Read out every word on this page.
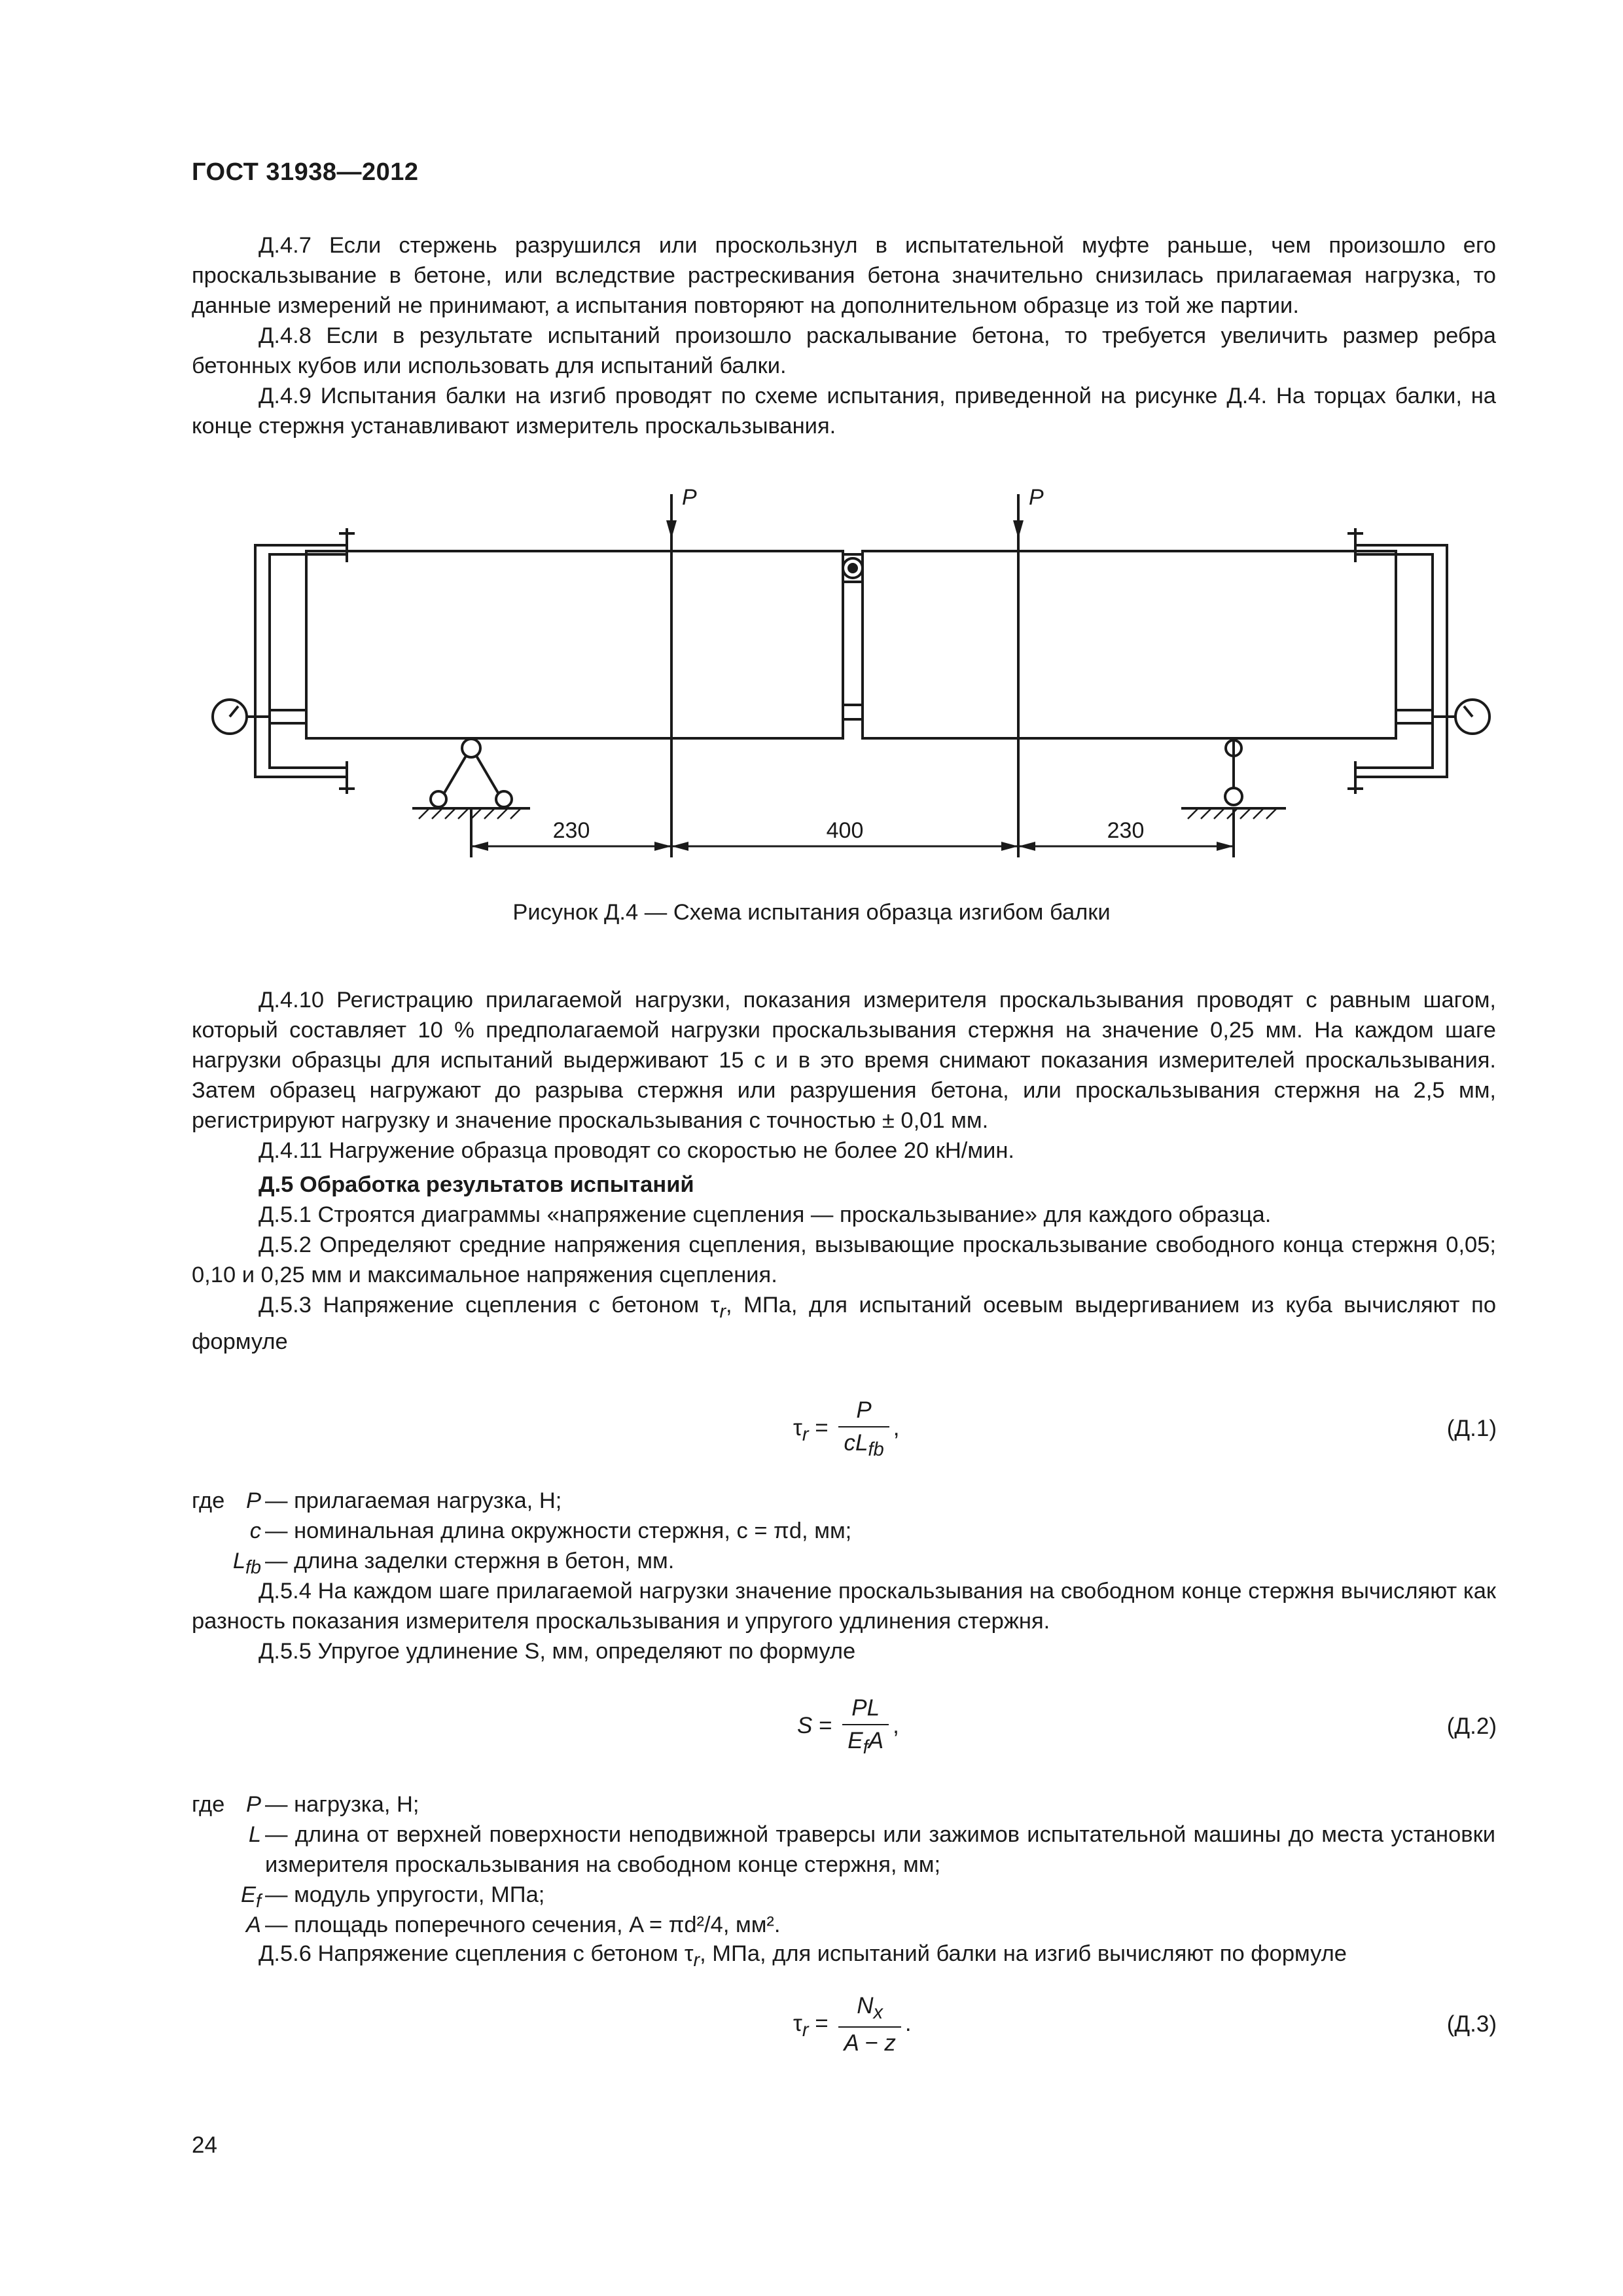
ГОСТ 31938—2012

Д.4.7 Если стержень разрушился или проскользнул в испытательной муфте раньше, чем произошло его проскальзывание в бетоне, или вследствие растрескивания бетона значительно снизилась прилагаемая нагрузка, то данные измерений не принимают, а испытания повторяют на дополнительном образце из той же партии.

Д.4.8 Если в результате испытаний произошло раскалывание бетона, то требуется увеличить размер ребра бетонных кубов или использовать для испытаний балки.

Д.4.9 Испытания балки на изгиб проводят по схеме испытания, приведенной на рисунке Д.4. На торцах балки, на конце стержня устанавливают измеритель проскальзывания.

P	P
230	400	230
Рисунок Д.4 — Схема испытания образца изгибом балки

Д.4.10 Регистрацию прилагаемой нагрузки, показания измерителя проскальзывания проводят с равным шагом, который составляет 10 % предполагаемой нагрузки проскальзывания стержня на значение 0,25 мм. На каждом шаге нагрузки образцы для испытаний выдерживают 15 с и в это время снимают показания измерителей проскальзывания. Затем образец нагружают до разрыва стержня или разрушения бетона, или проскальзывания стержня на 2,5 мм, регистрируют нагрузку и значение проскальзывания с точностью ± 0,01 мм.

Д.4.11 Нагружение образца проводят со скоростью не более 20 кН/мин.

Д.5 Обработка результатов испытаний

Д.5.1 Строятся диаграммы «напряжение сцепления — проскальзывание» для каждого образца.

Д.5.2 Определяют средние напряжения сцепления, вызывающие проскальзывание свободного конца стержня 0,05; 0,10 и 0,25 мм и максимальное напряжения сцепления.

Д.5.3 Напряжение сцепления с бетоном $\tau_r$, МПа, для испытаний осевым выдергиванием из куба вычисляют по формуле

$\tau_r = \frac{P}{cL_{fb}}$ ,	(Д.1)
где P — прилагаемая нагрузка, Н;
c — номинальная длина окружности стержня, c = πd, мм;
$L_{fb}$ — длина заделки стержня в бетон, мм.

Д.5.4 На каждом шаге прилагаемой нагрузки значение проскальзывания на свободном конце стержня вычисляют как разность показания измерителя проскальзывания и упругого удлинения стержня.

Д.5.5 Упругое удлинение S, мм, определяют по формуле

$S = \frac{PL}{E_fA}$ ,	(Д.2)
где P — нагрузка, Н;
L — длина от верхней поверхности неподвижной траверсы или зажимов испытательной машины до места установки измерителя проскальзывания на свободном конце стержня, мм;
$E_f$ — модуль упругости, МПа;
A — площадь поперечного сечения, A = πd²/4, мм².

Д.5.6 Напряжение сцепления с бетоном $\tau_r$, МПа, для испытаний балки на изгиб вычисляют по формуле

$\tau_r = \frac{N_x}{A - z}$ .	(Д.3)
24
